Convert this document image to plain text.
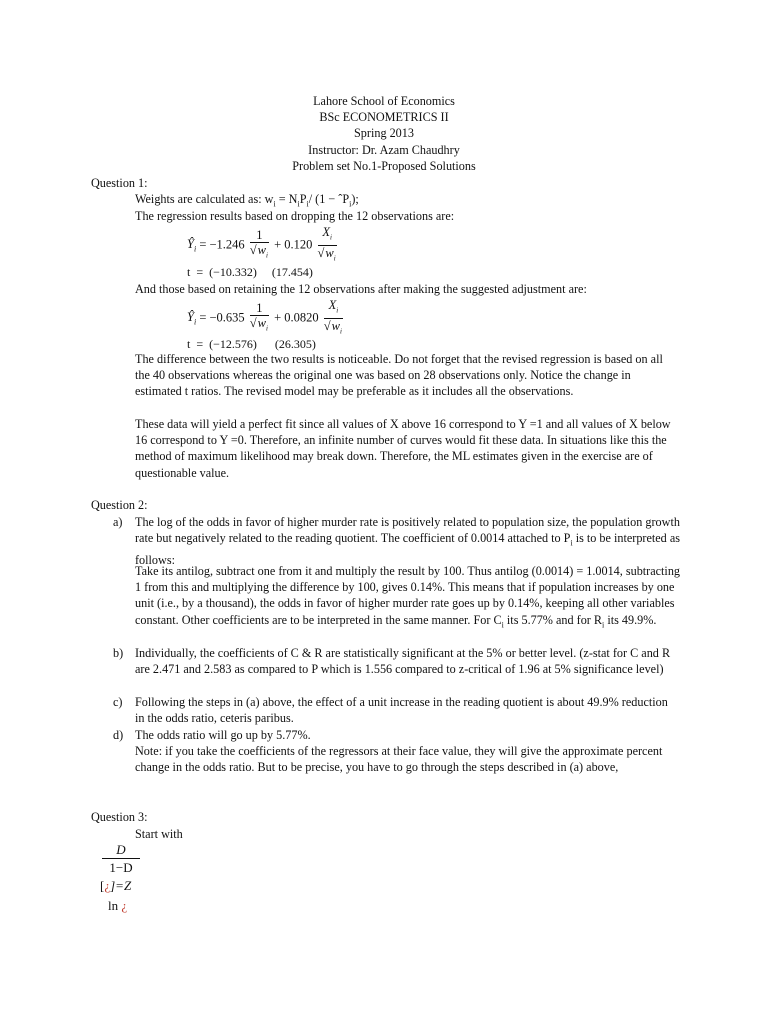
Lahore School of Economics
BSc ECONOMETRICS II
Spring 2013
Instructor: Dr. Azam Chaudhry
Problem set No.1-Proposed Solutions
Question 1:
Weights are calculated as: $w_i = N_iP_i/$ (1 − ˆP$_i$);
The regression results based on dropping the 12 observations are:
$Ŷ_i = -1.246 \frac{1}{√w_i} + 0.120 \frac{X_i}{√w_i}$
t  =  (−10.332)     (17.454)
And those based on retaining the 12 observations after making the suggested adjustment are:
$Ŷ_i = -0.635 \frac{1}{√w_i} + 0.0820 \frac{X_i}{√w_i}$
t  =  (−12.576)      (26.305)

The difference between the two results is noticeable. Do not forget that the revised regression is based on all the 40 observations whereas the original one was based on 28 observations only. Notice the change in estimated t ratios. The revised model may be preferable as it includes all the observations.

These data will yield a perfect fit since all values of X above 16 correspond to Y =1 and all values of X below 16 correspond to Y =0. Therefore, an infinite number of curves would fit these data. In situations like this the method of maximum likelihood may break down. Therefore, the ML estimates given in the exercise are of questionable value.

Question 2:
a) The log of the odds in favor of higher murder rate is positively related to population size, the population growth rate but negatively related to the reading quotient. The coefficient of 0.0014 attached to $P_i$ is to be interpreted as follows:

Take its antilog, subtract one from it and multiply the result by 100. Thus antilog (0.0014) = 1.0014, subtracting 1 from this and multiplying the difference by 100, gives 0.14%. This means that if population increases by one unit (i.e., by a thousand), the odds in favor of higher murder rate goes up by 0.14%, keeping all other variables constant. Other coefficients are to be interpreted in the same manner. For $C_i$ its 5.77% and for $R_i$ its 49.9%.

b) Individually, the coefficients of C & R are statistically significant at the 5% or better level. (z-stat for C and R are 2.471 and 2.583 as compared to P which is 1.556 compared to z-critical of 1.96 at 5% significance level)

c) Following the steps in (a) above, the effect of a unit increase in the reading quotient is about 49.9% reduction in the odds ratio, ceteris paribus.

d) The odds ratio will go up by 5.77%.

Note: if you take the coefficients of the regressors at their face value, they will give the approximate percent change in the odds ratio. But to be precise, you have to go through the steps described in (a) above,

Question 3:
Start with
D
1−D
[¿]=Z
ln ¿
